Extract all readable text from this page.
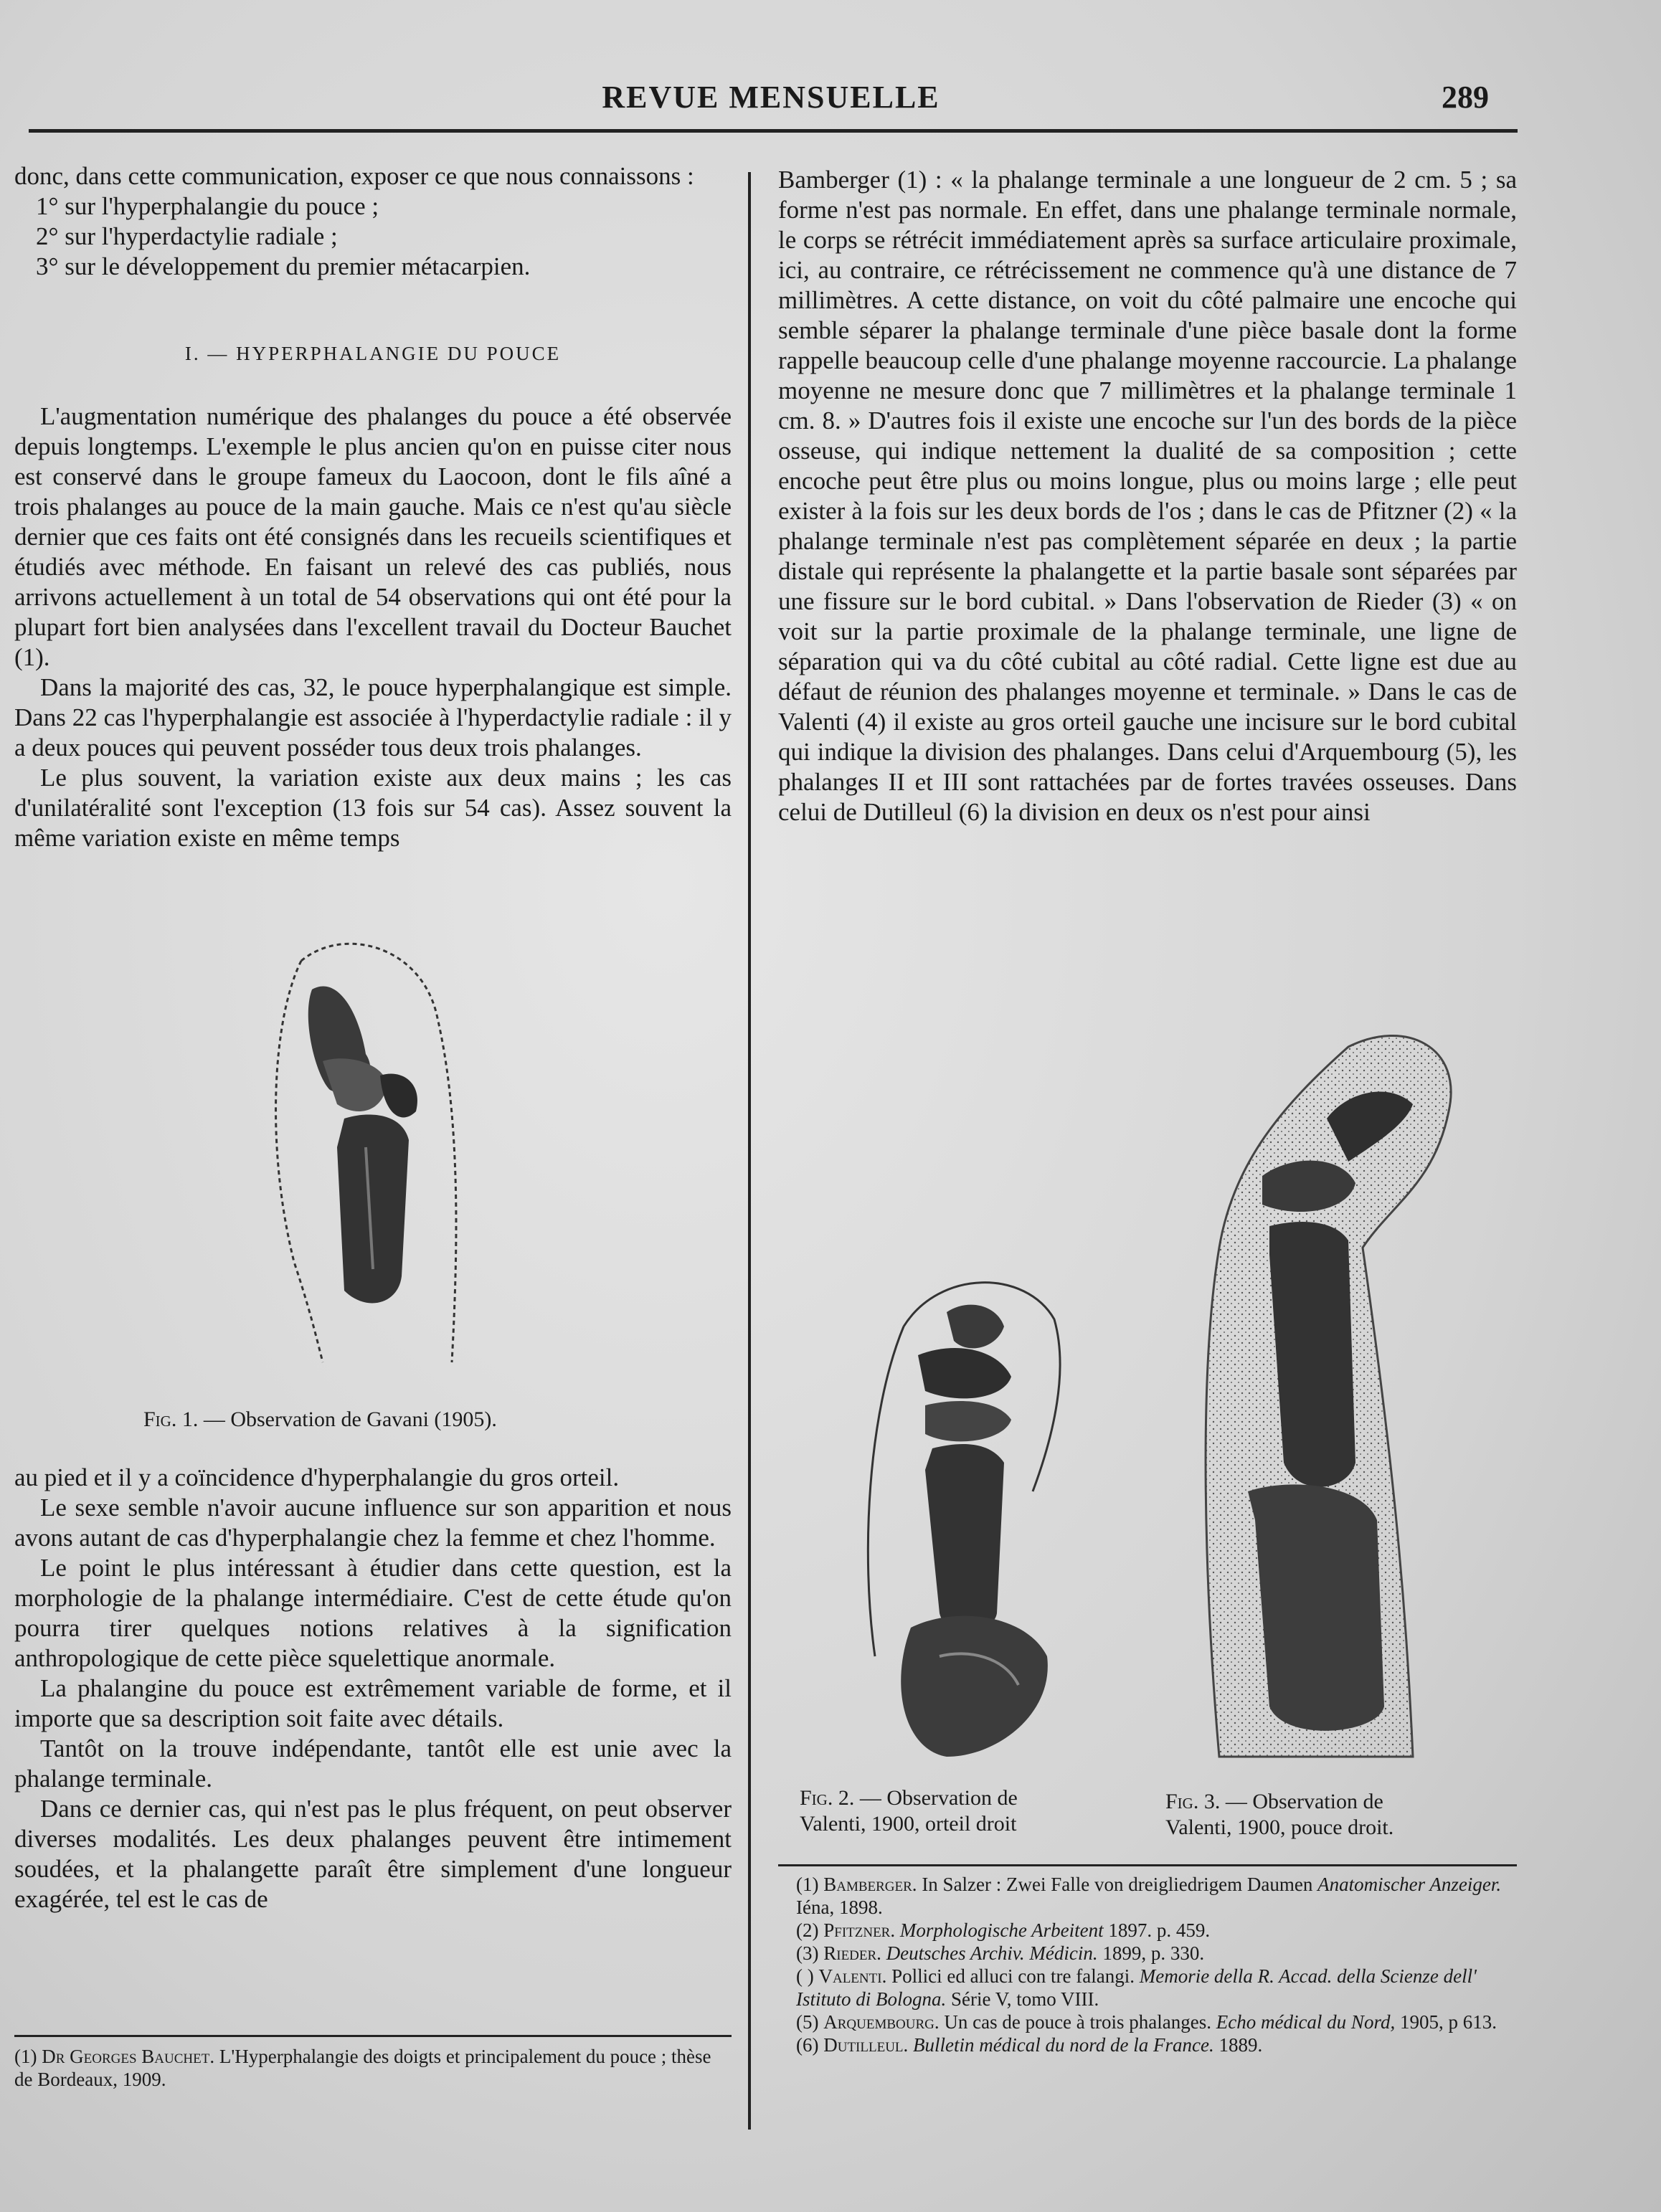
REVUE MENSUELLE	289

donc, dans cette communication, exposer ce que nous connaissons :

1° sur l'hyperphalangie du pouce ;

2° sur l'hyperdactylie radiale ;

3° sur le développement du premier métacarpien.

I. — HYPERPHALANGIE DU POUCE

L'augmentation numérique des phalanges du pouce a été observée depuis longtemps. L'exemple le plus ancien qu'on en puisse citer nous est conservé dans le groupe fameux du Laocoon, dont le fils aîné a trois phalanges au pouce de la main gauche. Mais ce n'est qu'au siècle dernier que ces faits ont été consignés dans les recueils scientifiques et étudiés avec méthode. En faisant un relevé des cas publiés, nous arrivons actuellement à un total de 54 observations qui ont été pour la plupart fort bien analysées dans l'excellent travail du Docteur Bauchet (1).

Dans la majorité des cas, 32, le pouce hyperphalangique est simple. Dans 22 cas l'hyperphalangie est associée à l'hyperdactylie radiale : il y a deux pouces qui peuvent posséder tous deux trois phalanges.

Le plus souvent, la variation existe aux deux mains ; les cas d'unilatéralité sont l'exception (13 fois sur 54 cas). Assez souvent la même variation existe en même temps

Fig. 1. — Observation de Gavani (1905).

au pied et il y a coïncidence d'hyperphalangie du gros orteil.

Le sexe semble n'avoir aucune influence sur son apparition et nous avons autant de cas d'hyperphalangie chez la femme et chez l'homme.

Le point le plus intéressant à étudier dans cette question, est la morphologie de la phalange intermédiaire. C'est de cette étude qu'on pourra tirer quelques notions relatives à la signification anthropologique de cette pièce squelettique anormale.

La phalangine du pouce est extrêmement variable de forme, et il importe que sa description soit faite avec détails.

Tantôt on la trouve indépendante, tantôt elle est unie avec la phalange terminale.

Dans ce dernier cas, qui n'est pas le plus fréquent, on peut observer diverses modalités. Les deux phalanges peuvent être intimement soudées, et la phalangette paraît être simplement d'une longueur exagérée, tel est le cas de

(1) Dr Georges Bauchet. L'Hyperphalangie des doigts et principalement du pouce ; thèse de Bordeaux, 1909.

Bamberger (1) : « la phalange terminale a une longueur de 2 cm. 5 ; sa forme n'est pas normale. En effet, dans une phalange terminale normale, le corps se rétrécit immédiatement après sa surface articulaire proximale, ici, au contraire, ce rétrécissement ne commence qu'à une distance de 7 millimètres. A cette distance, on voit du côté palmaire une encoche qui semble séparer la phalange terminale d'une pièce basale dont la forme rappelle beaucoup celle d'une phalange moyenne raccourcie. La phalange moyenne ne mesure donc que 7 millimètres et la phalange terminale 1 cm. 8. » D'autres fois il existe une encoche sur l'un des bords de la pièce osseuse, qui indique nettement la dualité de sa composition ; cette encoche peut être plus ou moins longue, plus ou moins large ; elle peut exister à la fois sur les deux bords de l'os ; dans le cas de Pfitzner (2) « la phalange terminale n'est pas complètement séparée en deux ; la partie distale qui représente la phalangette et la partie basale sont séparées par une fissure sur le bord cubital. » Dans l'observation de Rieder (3) « on voit sur la partie proximale de la phalange terminale, une ligne de séparation qui va du côté cubital au côté radial. Cette ligne est due au défaut de réunion des phalanges moyenne et terminale. » Dans le cas de Valenti (4) il existe au gros orteil gauche une incisure sur le bord cubital qui indique la division des phalanges. Dans celui d'Arquembourg (5), les phalanges II et III sont rattachées par de fortes travées osseuses. Dans celui de Dutilleul (6) la division en deux os n'est pour ainsi

Fig. 2. — Observation de
Valenti, 1900, orteil droit
Fig. 3. — Observation de
Valenti, 1900, pouce droit.

(1) Bamberger. In Salzer : Zwei Falle von dreigliedrigem Daumen Anatomischer Anzeiger. Iéna, 1898.

(2) Pfitzner. Morphologische Arbeitent 1897. p. 459.

(3) Rieder. Deutsches Archiv. Médicin. 1899, p. 330.

( ) Valenti. Pollici ed alluci con tre falangi. Memorie della R. Accad. della Scienze dell' Istituto di Bologna. Série V, tomo VIII.

(5) Arquembourg. Un cas de pouce à trois phalanges. Echo médical du Nord, 1905, p 613.

(6) Dutilleul. Bulletin médical du nord de la France. 1889.
